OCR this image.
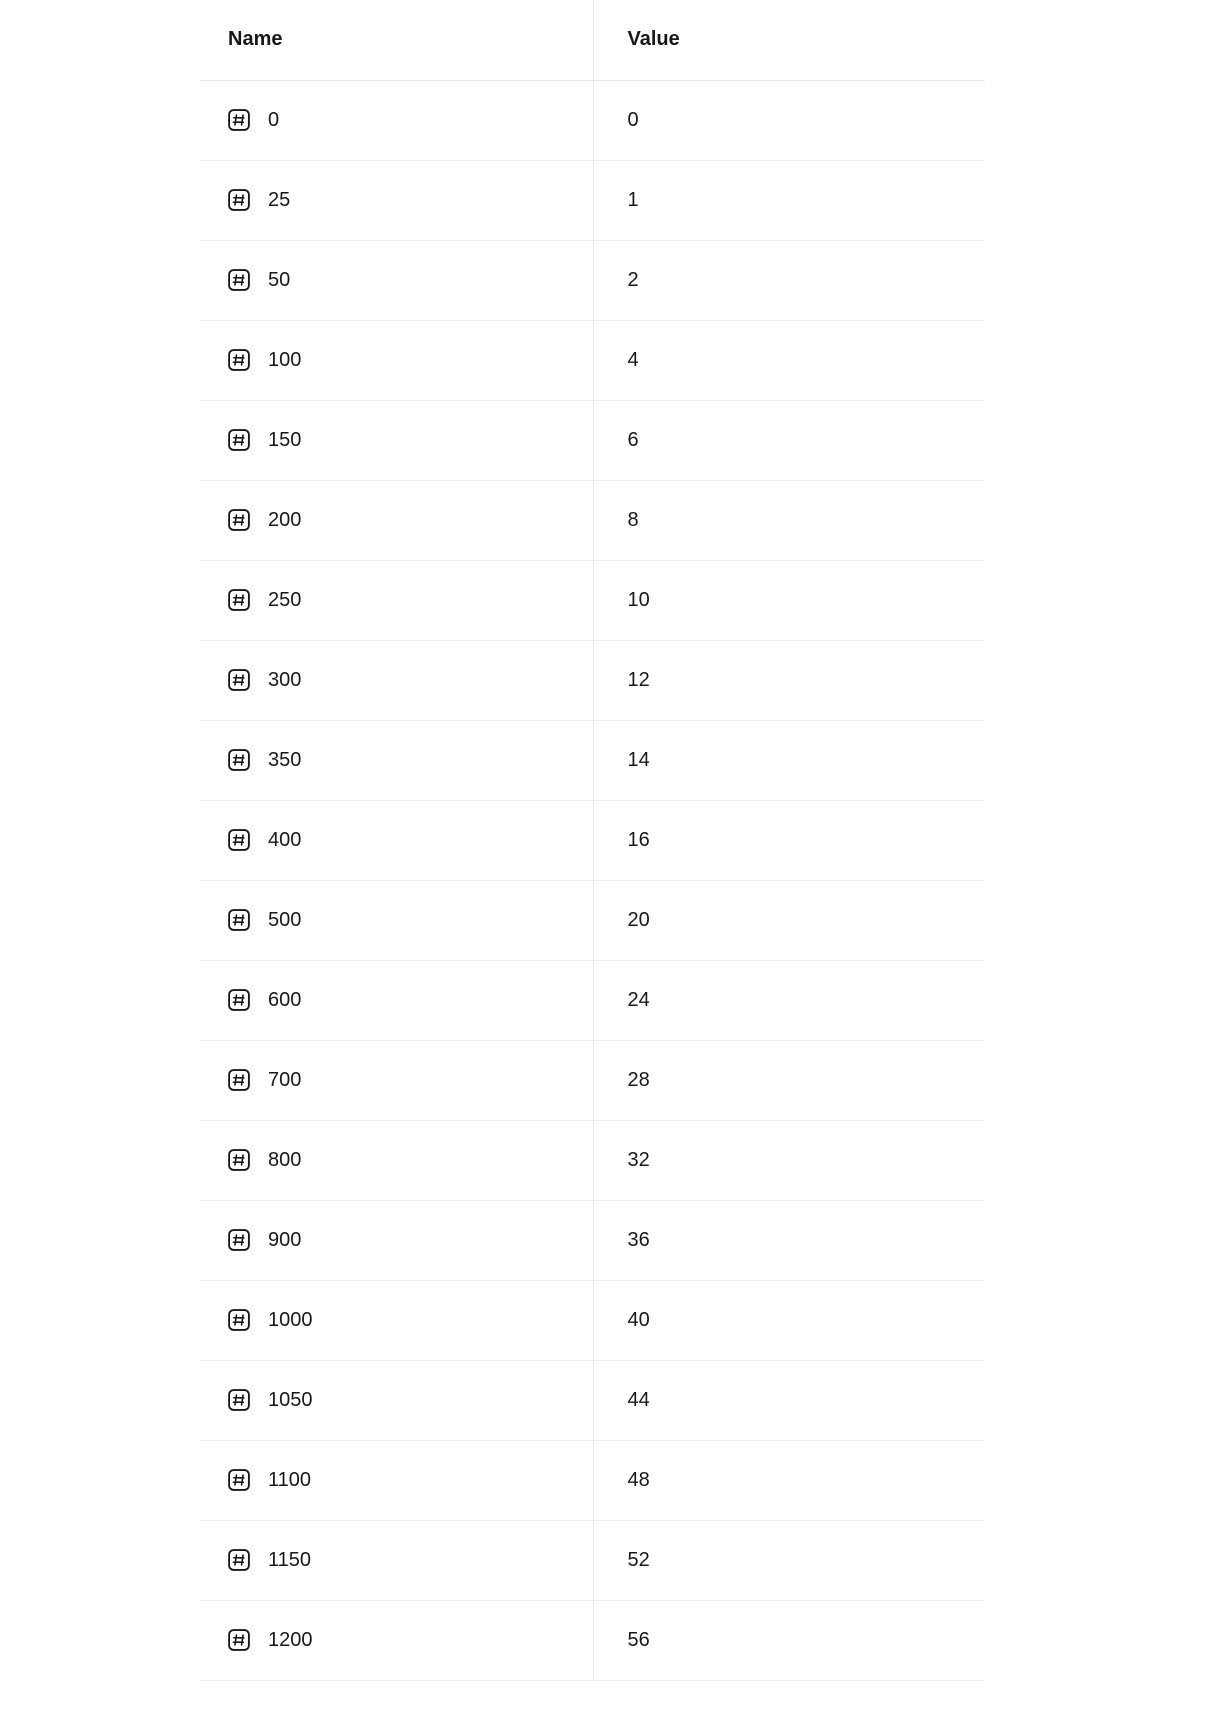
Name	Value

0	0

25	1

50	2

100	4

150	6

200	8

250	10

300	12

350	14

400	16

500	20

600	24

700	28

800	32

900	36

1000	40

1050	44

1100	48

1150	52

1200	56
